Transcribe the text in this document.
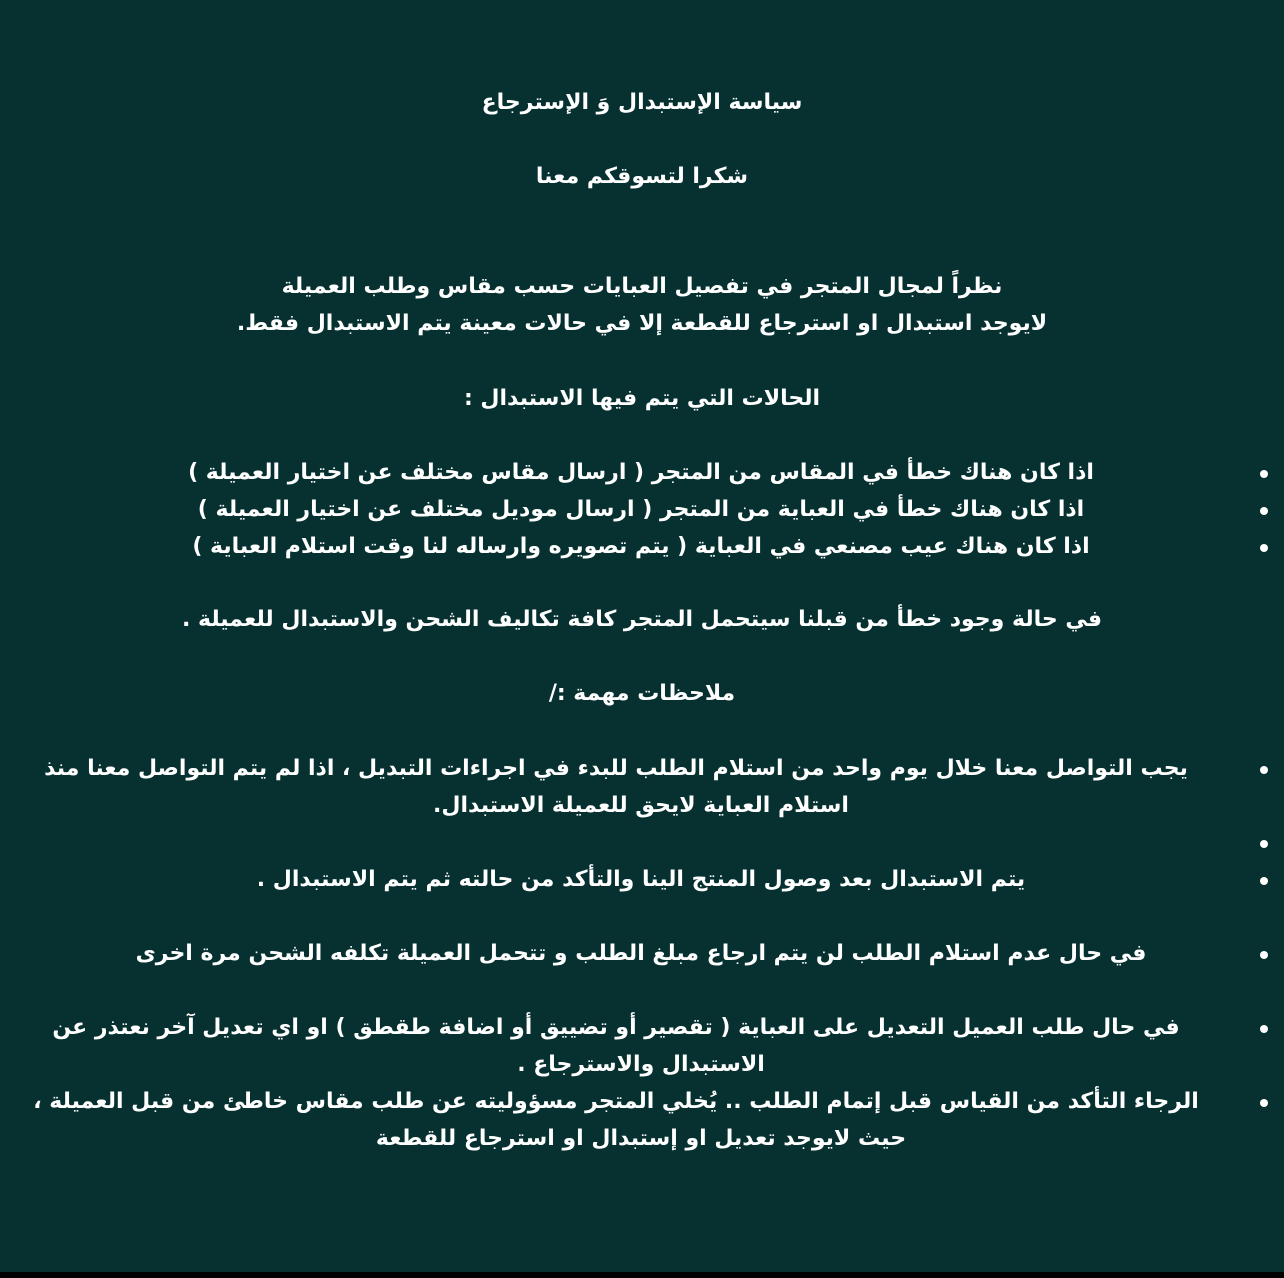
سياسة الإستبدال وَ الإسترجاع

شكرا لتسوقكم معنا

نظراً لمجال المتجر في تفصيل العبايات حسب مقاس وطلب العميلة

لايوجد استبدال او استرجاع للقطعة إلا في حالات معينة يتم الاستبدال فقط.

الحالات التي يتم فيها الاستبدال :

اذا كان هناك خطأ في المقاس من المتجر ( ارسال مقاس مختلف عن اختيار العميلة )
اذا كان هناك خطأ في العباية من المتجر ( ارسال موديل مختلف عن اختيار العميلة )
اذا كان هناك عيب مصنعي في العباية ( يتم تصويره وارساله لنا وقت استلام العباية )

في حالة وجود خطأ من قبلنا سيتحمل المتجر كافة تكاليف الشحن والاستبدال للعميلة .

ملاحظات مهمة :/

يجب التواصل معنا خلال يوم واحد من استلام الطلب للبدء في اجراءات التبديل ، اذا لم يتم التواصل معنا منذ
استلام العباية لايحق للعميلة الاستبدال.
يتم الاستبدال بعد وصول المنتج الينا والتأكد من حالته ثم يتم الاستبدال .
في حال عدم استلام الطلب لن يتم ارجاع مبلغ الطلب و تتحمل العميلة تكلفه الشحن مرة اخرى
في حال طلب العميل التعديل على العباية ( تقصير أو تضييق أو اضافة طقطق ) او اي تعديل آخر نعتذر عن
الاستبدال والاسترجاع .
الرجاء التأكد من القياس قبل إتمام الطلب .. يُخلي المتجر مسؤوليته عن طلب مقاس خاطئ من قبل العميلة ،
حيث لايوجد تعديل او إستبدال او استرجاع للقطعة
